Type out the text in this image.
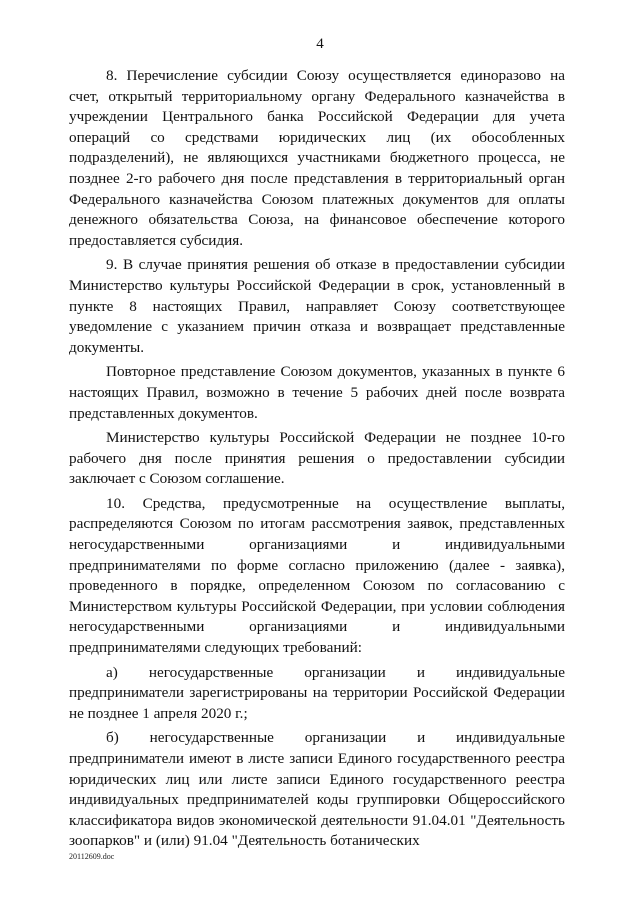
4

8. Перечисление субсидии Союзу осуществляется единоразово на счет, открытый территориальному органу Федерального казначейства в учреждении Центрального банка Российской Федерации для учета операций со средствами юридических лиц (их обособленных подразделений), не являющихся участниками бюджетного процесса, не позднее 2-го рабочего дня после представления в территориальный орган Федерального казначейства Союзом платежных документов для оплаты денежного обязательства Союза, на финансовое обеспечение которого предоставляется субсидия.

9. В случае принятия решения об отказе в предоставлении субсидии Министерство культуры Российской Федерации в срок, установленный в пункте 8 настоящих Правил, направляет Союзу соответствующее уведомление с указанием причин отказа и возвращает представленные документы.

Повторное представление Союзом документов, указанных в пункте 6 настоящих Правил, возможно в течение 5 рабочих дней после возврата представленных документов.

Министерство культуры Российской Федерации не позднее 10-го рабочего дня после принятия решения о предоставлении субсидии заключает с Союзом соглашение.

10. Средства, предусмотренные на осуществление выплаты, распределяются Союзом по итогам рассмотрения заявок, представленных негосударственными организациями и индивидуальными предпринимателями по форме согласно приложению (далее - заявка), проведенного в порядке, определенном Союзом по согласованию с Министерством культуры Российской Федерации, при условии соблюдения негосударственными организациями и индивидуальными предпринимателями следующих требований:

а) негосударственные организации и индивидуальные предприниматели зарегистрированы на территории Российской Федерации не позднее 1 апреля 2020 г.;

б) негосударственные организации и индивидуальные предприниматели имеют в листе записи Единого государственного реестра юридических лиц или листе записи Единого государственного реестра индивидуальных предпринимателей коды группировки Общероссийского классификатора видов экономической деятельности 91.04.01 "Деятельность зоопарков" и (или) 91.04 "Деятельность ботанических

20112609.doc
